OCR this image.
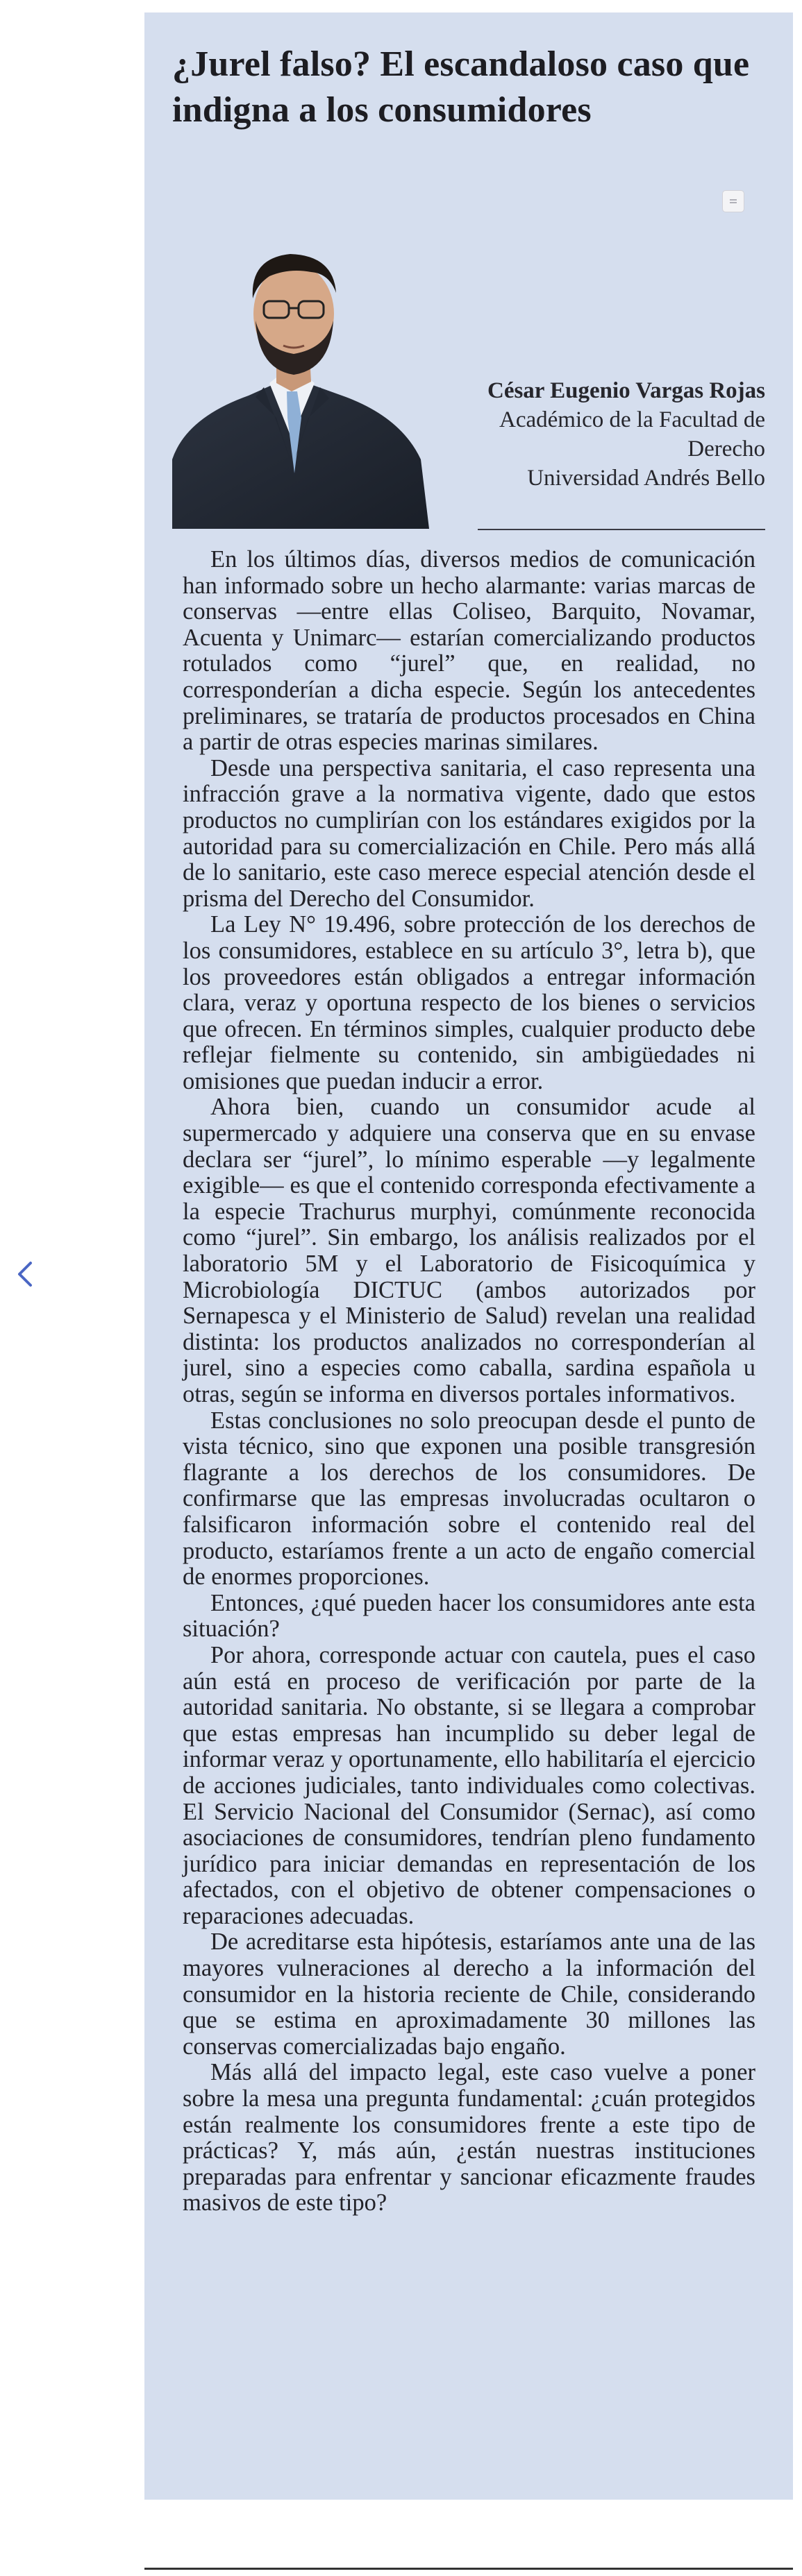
¿Jurel falso? El escandaloso caso que indigna a los consumidores
César Eugenio Vargas Rojas
Académico de la Facultad de
Derecho
Universidad Andrés Bello

En los últimos días, diversos medios de comunicación han informado sobre un hecho alarmante: varias marcas de conservas —entre ellas Coliseo, Barquito, Novamar, Acuenta y Unimarc— estarían comercializando productos rotulados como “jurel” que, en realidad, no corresponderían a dicha especie. Según los antecedentes preliminares, se trataría de productos procesados en China a partir de otras especies marinas similares.

Desde una perspectiva sanitaria, el caso representa una infracción grave a la normativa vigente, dado que estos productos no cumplirían con los estándares exigidos por la autoridad para su comercialización en Chile. Pero más allá de lo sanitario, este caso merece especial atención desde el prisma del Derecho del Consumidor.

La Ley N° 19.496, sobre protección de los derechos de los consumidores, establece en su artículo 3°, letra b), que los proveedores están obligados a entregar información clara, veraz y oportuna respecto de los bienes o servicios que ofrecen. En términos simples, cualquier producto debe reflejar fielmente su contenido, sin ambigüedades ni omisiones que puedan inducir a error.

Ahora bien, cuando un consumidor acude al supermercado y adquiere una conserva que en su envase declara ser “jurel”, lo mínimo esperable —y legalmente exigible— es que el contenido corresponda efectivamente a la especie Trachurus murphyi, comúnmente reconocida como “jurel”. Sin embargo, los análisis realizados por el laboratorio 5M y el Laboratorio de Fisicoquímica y Microbiología DICTUC (ambos autorizados por Sernapesca y el Ministerio de Salud) revelan una realidad distinta: los productos analizados no corresponderían al jurel, sino a especies como caballa, sardina española u otras, según se informa en diversos portales informativos.

Estas conclusiones no solo preocupan desde el punto de vista técnico, sino que exponen una posible transgresión flagrante a los derechos de los consumidores. De confirmarse que las empresas involucradas ocultaron o falsificaron información sobre el contenido real del producto, estaríamos frente a un acto de engaño comercial de enormes proporciones.

Entonces, ¿qué pueden hacer los consumidores ante esta situación?

Por ahora, corresponde actuar con cautela, pues el caso aún está en proceso de verificación por parte de la autoridad sanitaria. No obstante, si se llegara a comprobar que estas empresas han incumplido su deber legal de informar veraz y oportunamente, ello habilitaría el ejercicio de acciones judiciales, tanto individuales como colectivas. El Servicio Nacional del Consumidor (Sernac), así como asociaciones de consumidores, tendrían pleno fundamento jurídico para iniciar demandas en representación de los afectados, con el objetivo de obtener compensaciones o reparaciones adecuadas.

De acreditarse esta hipótesis, estaríamos ante una de las mayores vulneraciones al derecho a la información del consumidor en la historia reciente de Chile, considerando que se estima en aproximadamente 30 millones las conservas comercializadas bajo engaño.

Más allá del impacto legal, este caso vuelve a poner sobre la mesa una pregunta fundamental: ¿cuán protegidos están realmente los consumidores frente a este tipo de prácticas? Y, más aún, ¿están nuestras instituciones preparadas para enfrentar y sancionar eficazmente fraudes masivos de este tipo?
